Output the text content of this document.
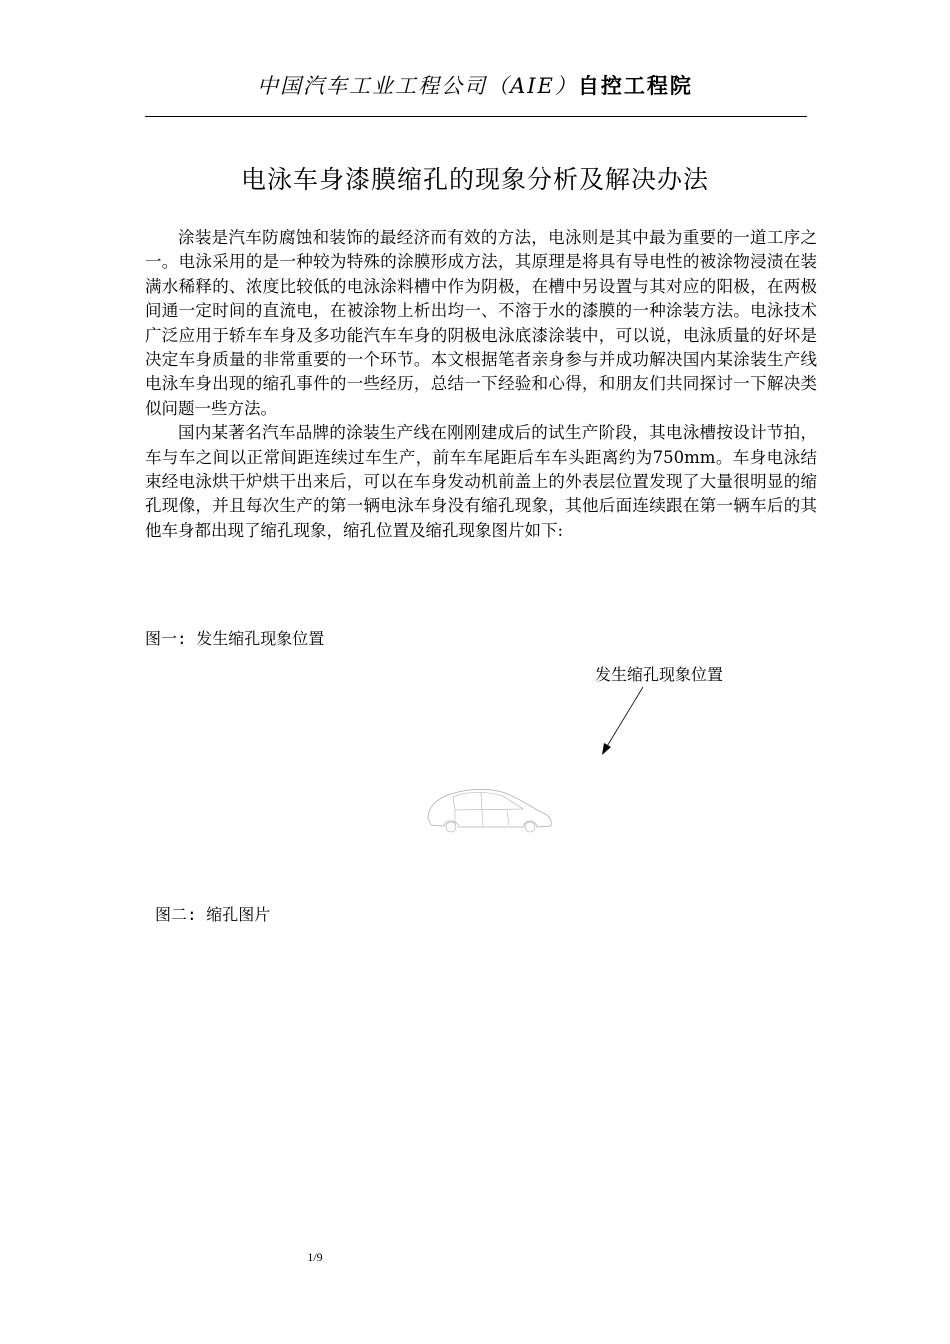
中国汽车工业工程公司（AIE）自控工程院
电泳车身漆膜缩孔的现象分析及解决办法

涂装是汽车防腐蚀和装饰的最经济而有效的方法，电泳则是其中最为重要的一道工序之一。电泳采用的是一种较为特殊的涂膜形成方法，其原理是将具有导电性的被涂物浸渍在装满水稀释的、浓度比较低的电泳涂料槽中作为阴极，在槽中另设置与其对应的阳极，在两极间通一定时间的直流电，在被涂物上析出均一、不溶于水的漆膜的一种涂装方法。电泳技术广泛应用于轿车车身及多功能汽车车身的阴极电泳底漆涂装中，可以说，电泳质量的好坏是决定车身质量的非常重要的一个环节。本文根据笔者亲身参与并成功解决国内某涂装生产线电泳车身出现的缩孔事件的一些经历，总结一下经验和心得，和朋友们共同探讨一下解决类似问题一些方法。

国内某著名汽车品牌的涂装生产线在刚刚建成后的试生产阶段，其电泳槽按设计节拍，车与车之间以正常间距连续过车生产，前车车尾距后车车头距离约为750mm。车身电泳结束经电泳烘干炉烘干出来后，可以在车身发动机前盖上的外表层位置发现了大量很明显的缩孔现像，并且每次生产的第一辆电泳车身没有缩孔现象，其他后面连续跟在第一辆车后的其他车身都出现了缩孔现象，缩孔位置及缩孔现象图片如下:

图一: 发生缩孔现象位置
发生缩孔现象位置
图二: 缩孔图片
1/9
